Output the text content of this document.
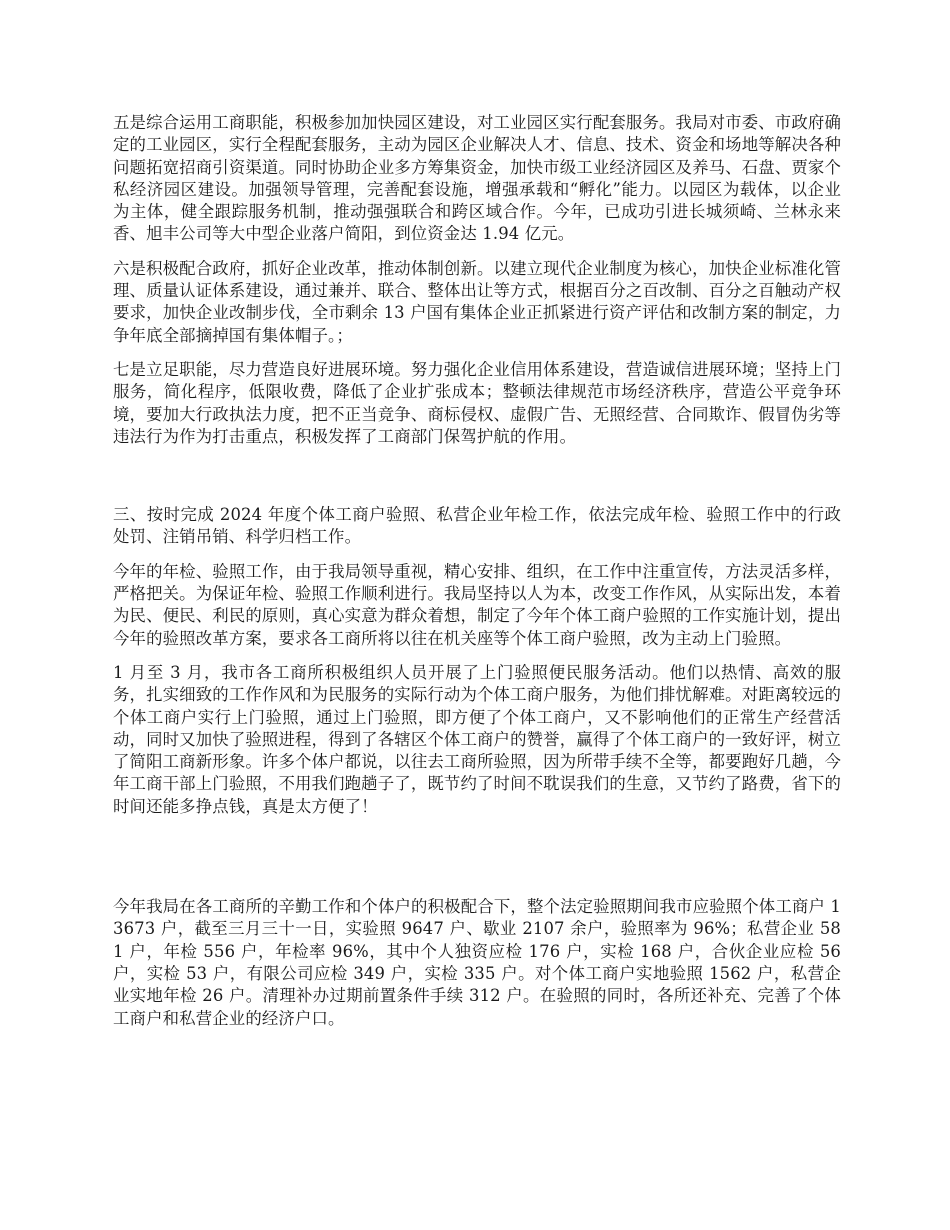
五是综合运用工商职能，积极参加加快园区建设，对工业园区实行配套服务。我局对市委、市政府确定的工业园区，实行全程配套服务，主动为园区企业解决人才、信息、技术、资金和场地等解决各种问题拓宽招商引资渠道。同时协助企业多方筹集资金，加快市级工业经济园区及养马、石盘、贾家个私经济园区建设。加强领导管理，完善配套设施，增强承载和“孵化”能力。以园区为载体，以企业为主体，健全跟踪服务机制，推动强强联合和跨区域合作。今年，已成功引进长城须崎、兰林永来香、旭丰公司等大中型企业落户简阳，到位资金达 1.94 亿元。

六是积极配合政府，抓好企业改革，推动体制创新。以建立现代企业制度为核心，加快企业标准化管理、质量认证体系建设，通过兼并、联合、整体出让等方式，根据百分之百改制、百分之百触动产权要求，加快企业改制步伐，全市剩余 13 户国有集体企业正抓紧进行资产评估和改制方案的制定，力争年底全部摘掉国有集体帽子。；

七是立足职能，尽力营造良好进展环境。努力强化企业信用体系建设，营造诚信进展环境；坚持上门服务，简化程序，低限收费，降低了企业扩张成本；整顿法律规范市场经济秩序，营造公平竞争环境，要加大行政执法力度，把不正当竞争、商标侵权、虚假广告、无照经营、合同欺诈、假冒伪劣等违法行为作为打击重点，积极发挥了工商部门保驾护航的作用。

三、按时完成 2024 年度个体工商户验照、私营企业年检工作，依法完成年检、验照工作中的行政处罚、注销吊销、科学归档工作。

今年的年检、验照工作，由于我局领导重视，精心安排、组织，在工作中注重宣传，方法灵活多样，严格把关。为保证年检、验照工作顺利进行。我局坚持以人为本，改变工作作风，从实际出发，本着为民、便民、利民的原则，真心实意为群众着想，制定了今年个体工商户验照的工作实施计划，提出今年的验照改革方案，要求各工商所将以往在机关座等个体工商户验照，改为主动上门验照。

1 月至 3 月，我市各工商所积极组织人员开展了上门验照便民服务活动。他们以热情、高效的服务，扎实细致的工作作风和为民服务的实际行动为个体工商户服务，为他们排忧解难。对距离较远的个体工商户实行上门验照，通过上门验照，即方便了个体工商户，又不影响他们的正常生产经营活动，同时又加快了验照进程，得到了各辖区个体工商户的赞誉，赢得了个体工商户的一致好评，树立了简阳工商新形象。许多个体户都说，以往去工商所验照，因为所带手续不全等，都要跑好几趟，今年工商干部上门验照，不用我们跑趟子了，既节约了时间不耽误我们的生意，又节约了路费，省下的时间还能多挣点钱，真是太方便了！

今年我局在各工商所的辛勤工作和个体户的积极配合下，整个法定验照期间我市应验照个体工商户 13673 户，截至三月三十一日，实验照 9647 户、歇业 2107 余户，验照率为 96%；私营企业 581 户，年检 556 户，年检率 96%，其中个人独资应检 176 户，实检 168 户，合伙企业应检 56 户，实检 53 户，有限公司应检 349 户，实检 335 户。对个体工商户实地验照 1562 户，私营企业实地年检 26 户。清理补办过期前置条件手续 312 户。在验照的同时，各所还补充、完善了个体工商户和私营企业的经济户口。
